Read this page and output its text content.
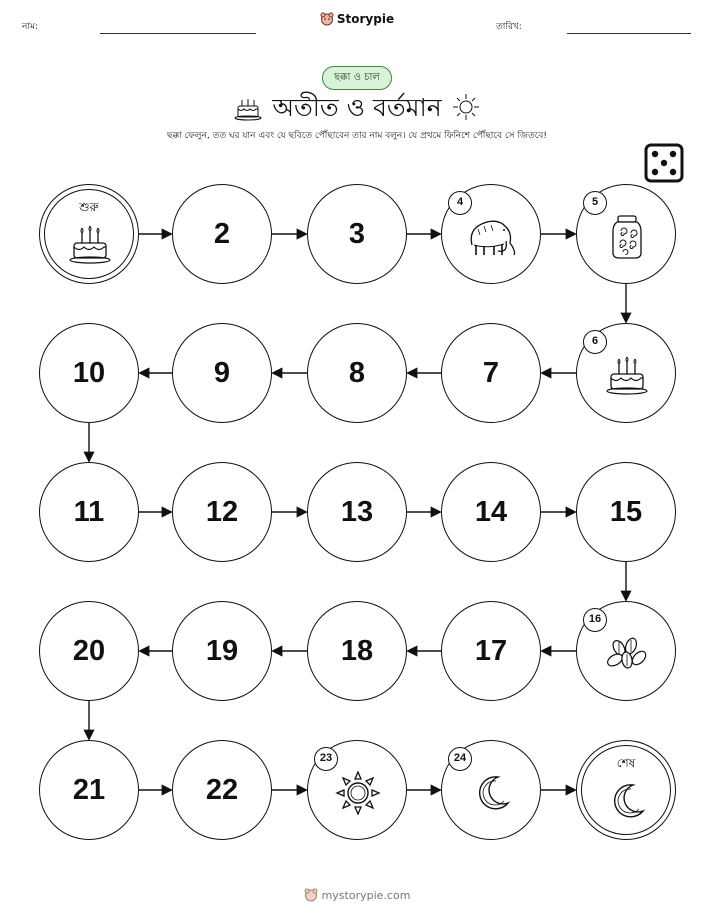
নাম:
Storypie
তারিখ:
ছক্কা ও চাল
অতীত ও বর্তমান
ছক্কা ফেলুন, তত ঘর যান এবং যে ছবিতে পৌঁছাবেন তার নাম বলুন। যে প্রথমে ফিনিশে পৌঁছাবে সে জিতবে!
শুরু
2	3
4	5
6
7
8
9
10
11	12	13	14	15
16
17
18
19
20
21	22
23	24	শেষ
mystorypie.com
